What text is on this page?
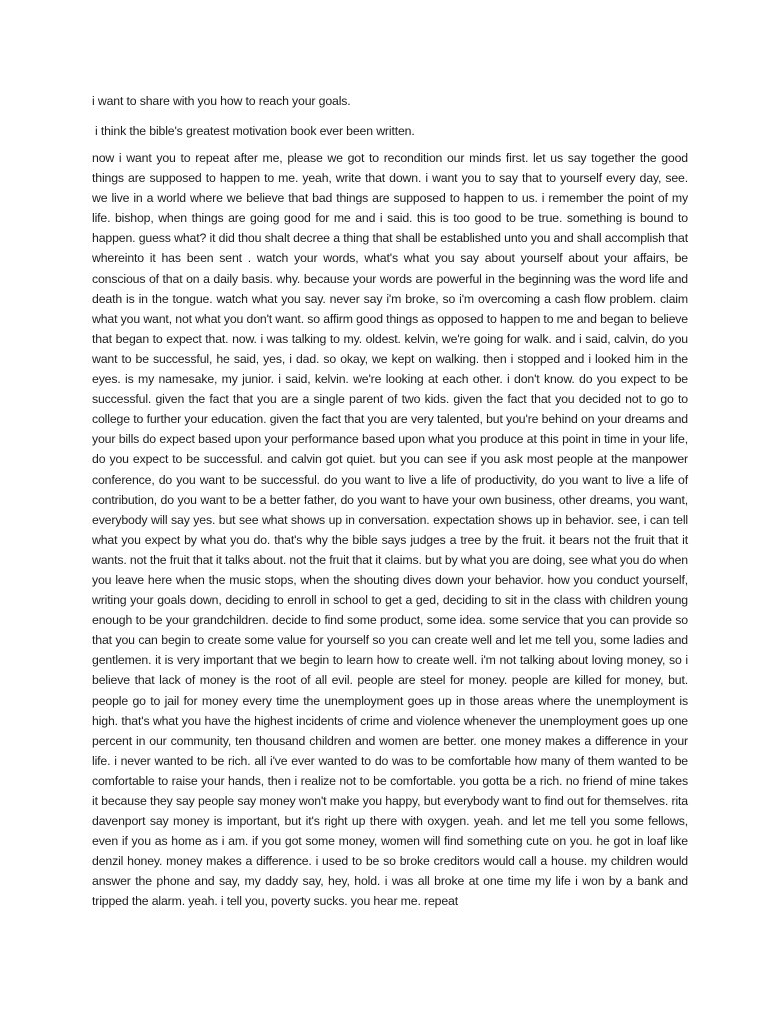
i want to share with you how to reach your goals.

i think the bible's greatest motivation book ever been written.

now i want you to repeat after me, please we got to recondition our minds first. let us say together the good things are supposed to happen to me. yeah, write that down. i want you to say that to yourself every day, see. we live in a world where we believe that bad things are supposed to happen to us. i remember the point of my life. bishop, when things are going good for me and i said. this is too good to be true. something is bound to happen. guess what? it did thou shalt decree a thing that shall be established unto you and shall accomplish that whereinto it has been sent . watch your words, what's what you say about yourself about your affairs, be conscious of that on a daily basis. why. because your words are powerful in the beginning was the word life and death is in the tongue. watch what you say. never say i'm broke, so i'm overcoming a cash flow problem. claim what you want, not what you don't want. so affirm good things as opposed to happen to me and began to believe that began to expect that. now. i was talking to my. oldest. kelvin, we're going for walk. and i said, calvin, do you want to be successful, he said, yes, i dad. so okay, we kept on walking. then i stopped and i looked him in the eyes. is my namesake, my junior. i said, kelvin. we're looking at each other. i don't know. do you expect to be successful. given the fact that you are a single parent of two kids. given the fact that you decided not to go to college to further your education. given the fact that you are very talented, but you're behind on your dreams and your bills do expect based upon your performance based upon what you produce at this point in time in your life, do you expect to be successful. and calvin got quiet. but you can see if you ask most people at the manpower conference, do you want to be successful. do you want to live a life of productivity, do you want to live a life of contribution, do you want to be a better father, do you want to have your own business, other dreams, you want, everybody will say yes. but see what shows up in conversation. expectation shows up in behavior. see, i can tell what you expect by what you do. that's why the bible says judges a tree by the fruit. it bears not the fruit that it wants. not the fruit that it talks about. not the fruit that it claims. but by what you are doing, see what you do when you leave here when the music stops, when the shouting dives down your behavior. how you conduct yourself, writing your goals down, deciding to enroll in school to get a ged, deciding to sit in the class with children young enough to be your grandchildren. decide to find some product, some idea. some service that you can provide so that you can begin to create some value for yourself so you can create well and let me tell you, some ladies and gentlemen. it is very important that we begin to learn how to create well. i'm not talking about loving money, so i believe that lack of money is the root of all evil. people are steel for money. people are killed for money, but. people go to jail for money every time the unemployment goes up in those areas where the unemployment is high. that's what you have the highest incidents of crime and violence whenever the unemployment goes up one percent in our community, ten thousand children and women are better. one money makes a difference in your life. i never wanted to be rich. all i've ever wanted to do was to be comfortable how many of them wanted to be comfortable to raise your hands, then i realize not to be comfortable. you gotta be a rich. no friend of mine takes it because they say people say money won't make you happy, but everybody want to find out for themselves. rita davenport say money is important, but it's right up there with oxygen. yeah. and let me tell you some fellows, even if you as home as i am. if you got some money, women will find something cute on you. he got in loaf like denzil honey. money makes a difference. i used to be so broke creditors would call a house. my children would answer the phone and say, my daddy say, hey, hold. i was all broke at one time my life i won by a bank and tripped the alarm. yeah. i tell you, poverty sucks. you hear me. repeat
